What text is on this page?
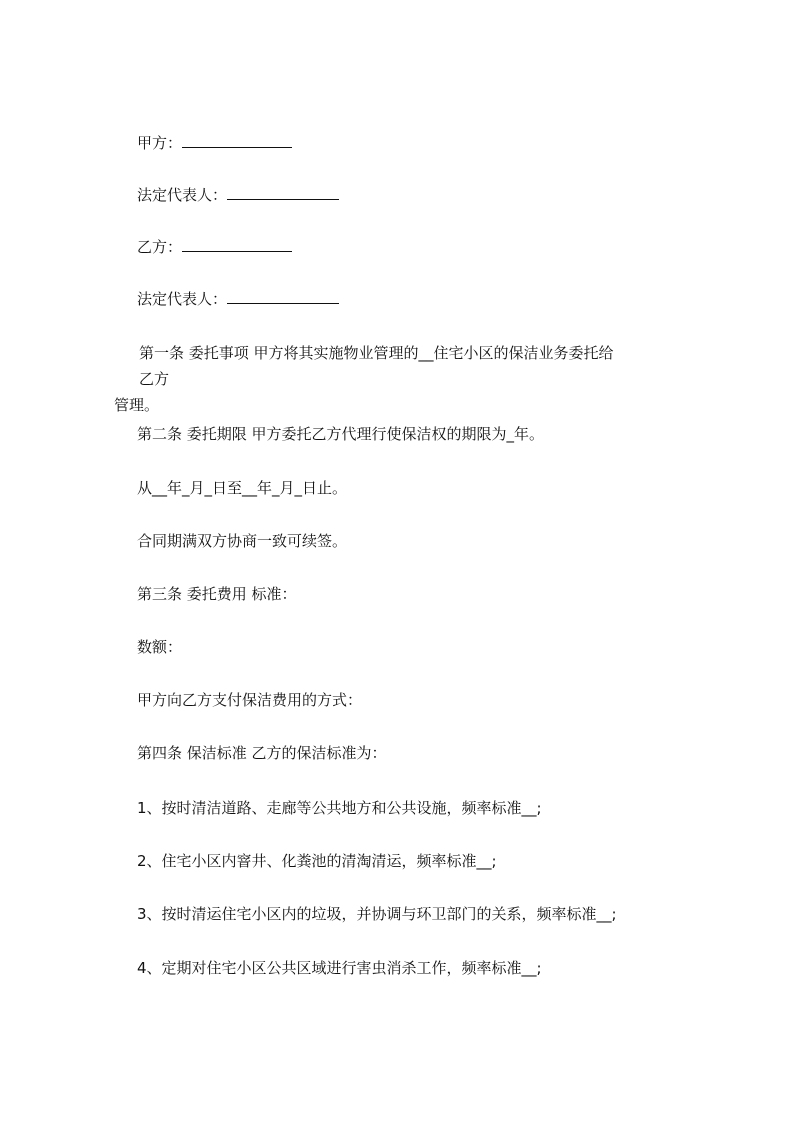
甲方：
法定代表人：
乙方：
法定代表人：
第一条 委托事项 甲方将其实施物业管理的__住宅小区的保洁业务委托给乙方
管理。
第二条 委托期限 甲方委托乙方代理行使保洁权的期限为_年。
从__年_月_日至__年_月_日止。
合同期满双方协商一致可续签。
第三条 委托费用 标准：
数额：
甲方向乙方支付保洁费用的方式：
第四条 保洁标准 乙方的保洁标准为：
1、按时清洁道路、走廊等公共地方和公共设施，频率标准__;
2、住宅小区内窨井、化粪池的清淘清运，频率标准__;
3、按时清运住宅小区内的垃圾，并协调与环卫部门的关系，频率标准__;
4、定期对住宅小区公共区域进行害虫消杀工作，频率标准__;
